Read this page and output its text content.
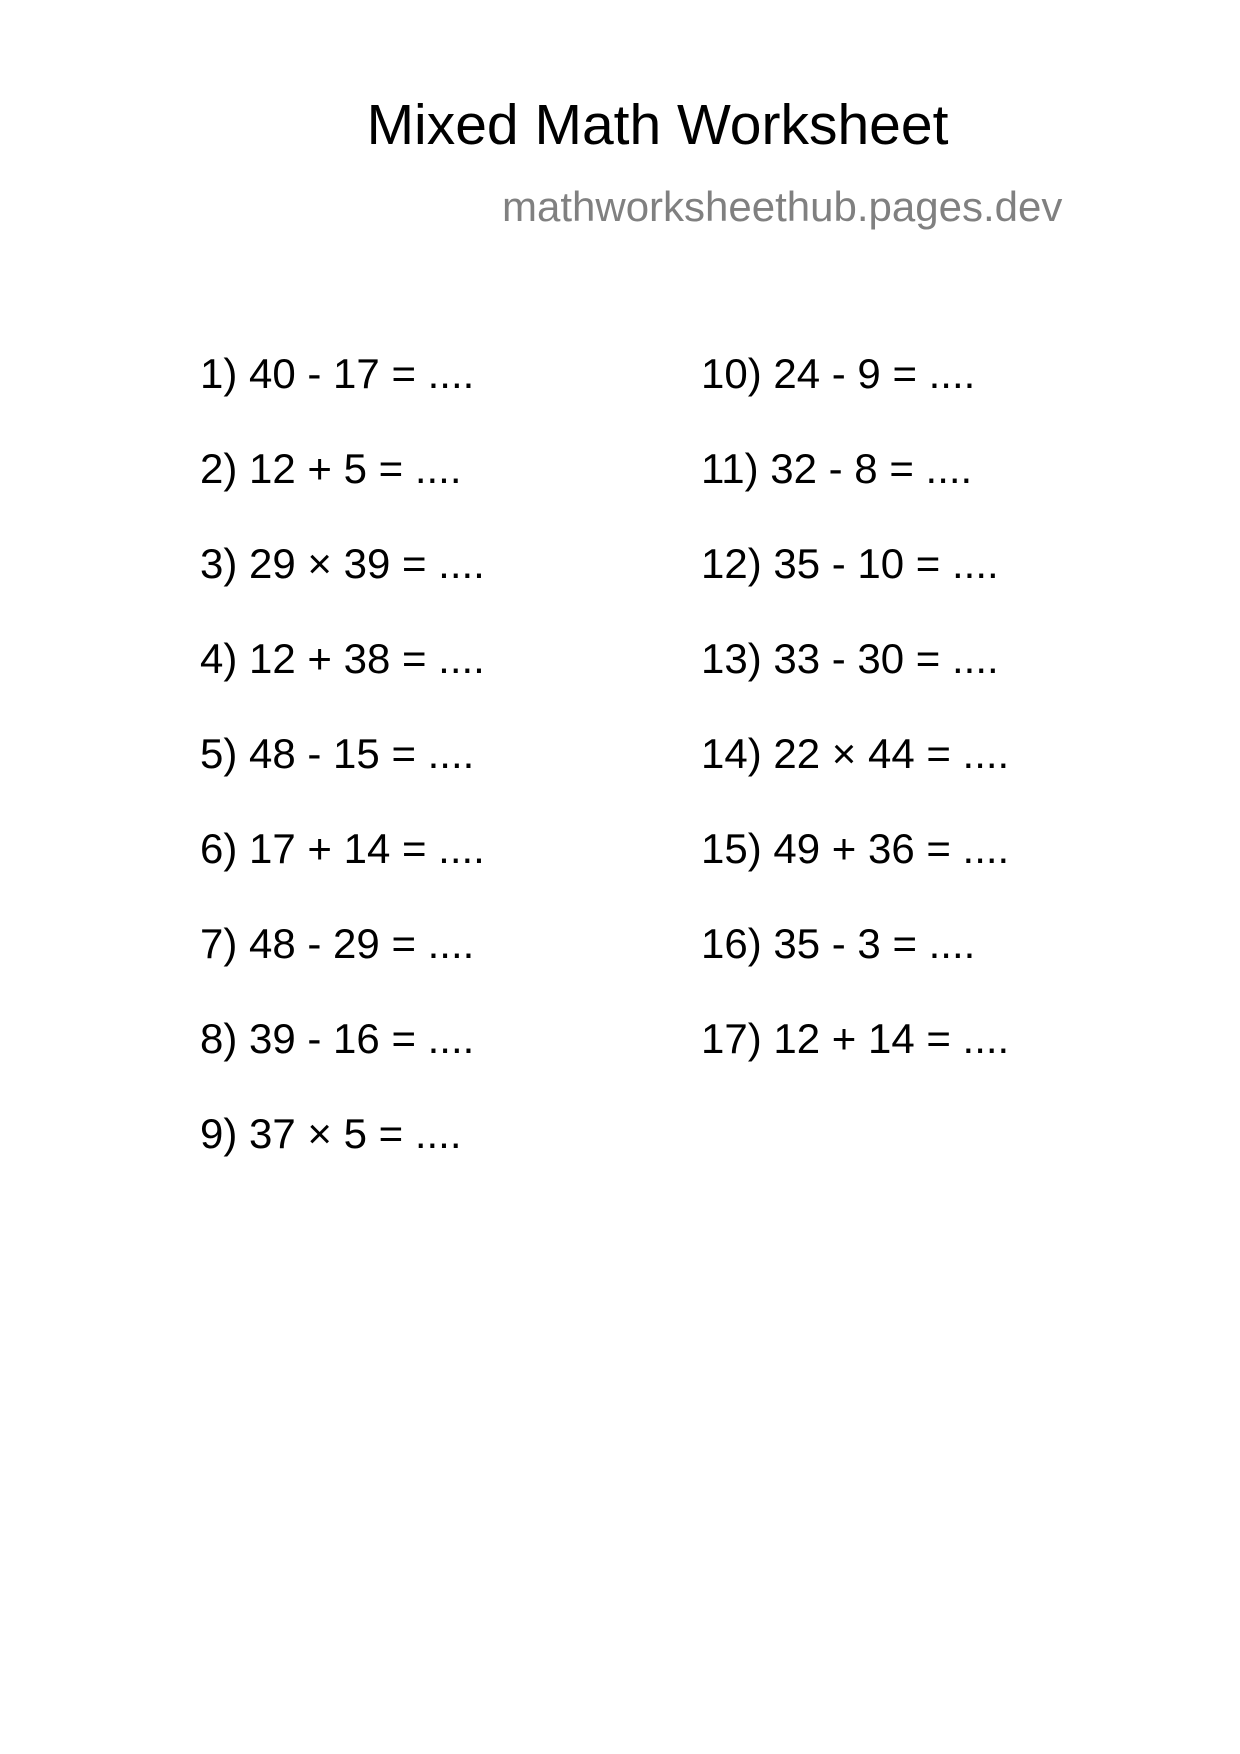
Mixed Math Worksheet
mathworksheethub.pages.dev
1) 40 - 17 = ....
2) 12 + 5 = ....
3) 29 × 39 = ....
4) 12 + 38 = ....
5) 48 - 15 = ....
6) 17 + 14 = ....
7) 48 - 29 = ....
8) 39 - 16 = ....
9) 37 × 5 = ....
10) 24 - 9 = ....
11) 32 - 8 = ....
12) 35 - 10 = ....
13) 33 - 30 = ....
14) 22 × 44 = ....
15) 49 + 36 = ....
16) 35 - 3 = ....
17) 12 + 14 = ....
